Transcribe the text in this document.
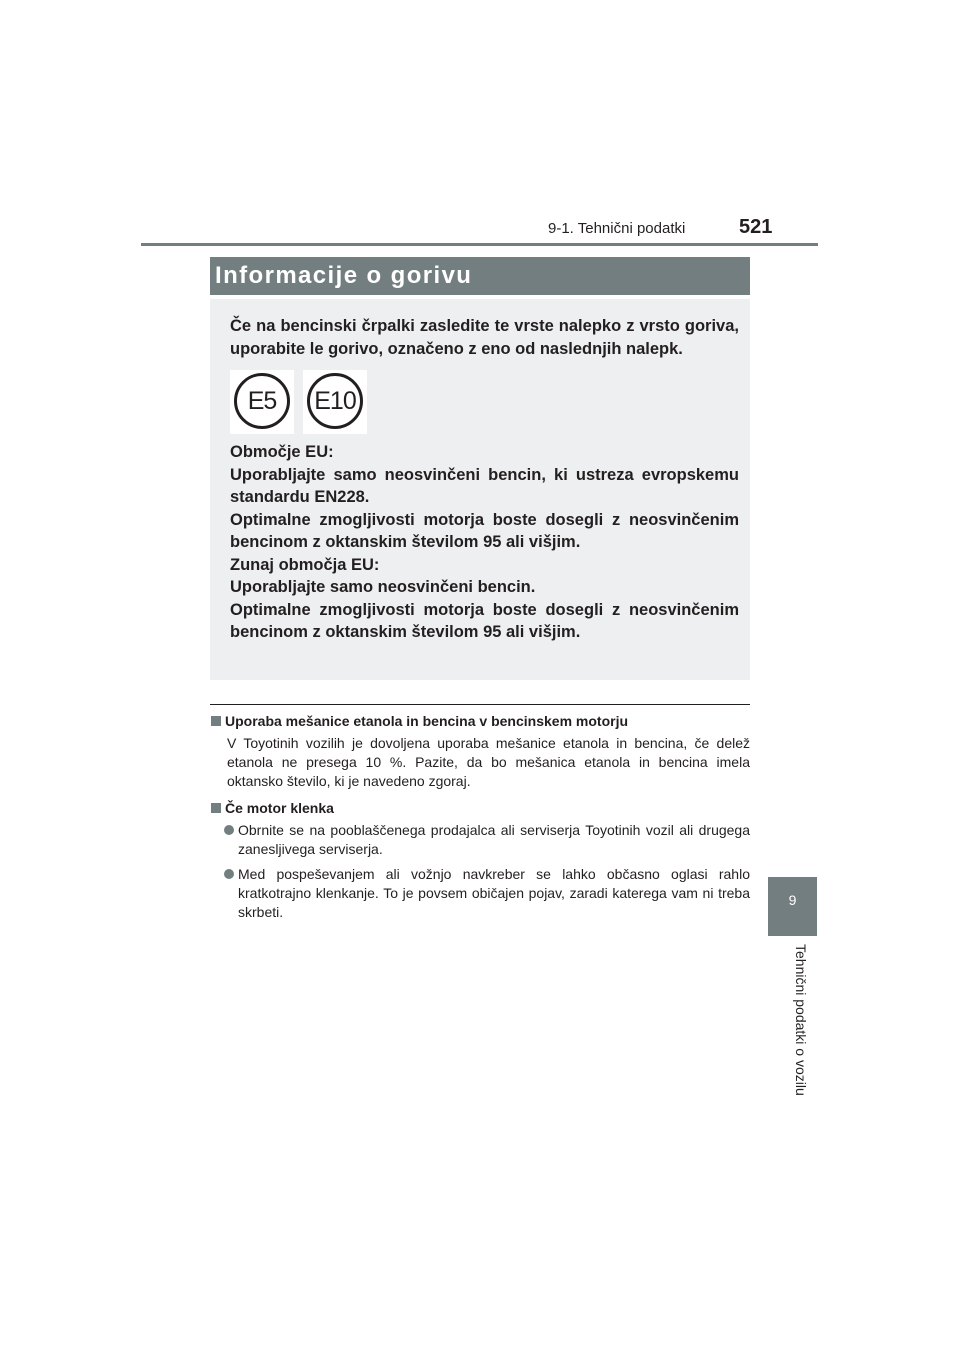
9-1. Tehnični podatki	521
9
Tehnični podatki o vozilu
Informacije o gorivu

Če na bencinski črpalki zasledite te vrste nalepko z vrsto goriva, uporabite le gorivo, označeno z eno od naslednjih nalepk.

E5	E10

Območje EU:

Uporabljajte samo neosvinčeni bencin, ki ustreza evropskemu standardu EN228.

Optimalne zmogljivosti motorja boste dosegli z neosvinčenim bencinom z oktanskim številom 95 ali višjim.

Zunaj območja EU:

Uporabljajte samo neosvinčeni bencin.

Optimalne zmogljivosti motorja boste dosegli z neosvinčenim bencinom z oktanskim številom 95 ali višjim.

Uporaba mešanice etanola in bencina v bencinskem motorju
V Toyotinih vozilih je dovoljena uporaba mešanice etanola in bencina, če delež etanola ne presega 10 %. Pazite, da bo mešanica etanola in bencina imela oktansko število, ki je navedeno zgoraj.
Če motor klenka
Obrnite se na pooblaščenega prodajalca ali serviserja Toyotinih vozil ali drugega zanesljivega serviserja.
Med pospeševanjem ali vožnjo navkreber se lahko občasno oglasi rahlo kratkotrajno klenkanje. To je povsem običajen pojav, zaradi katerega vam ni treba skrbeti.
